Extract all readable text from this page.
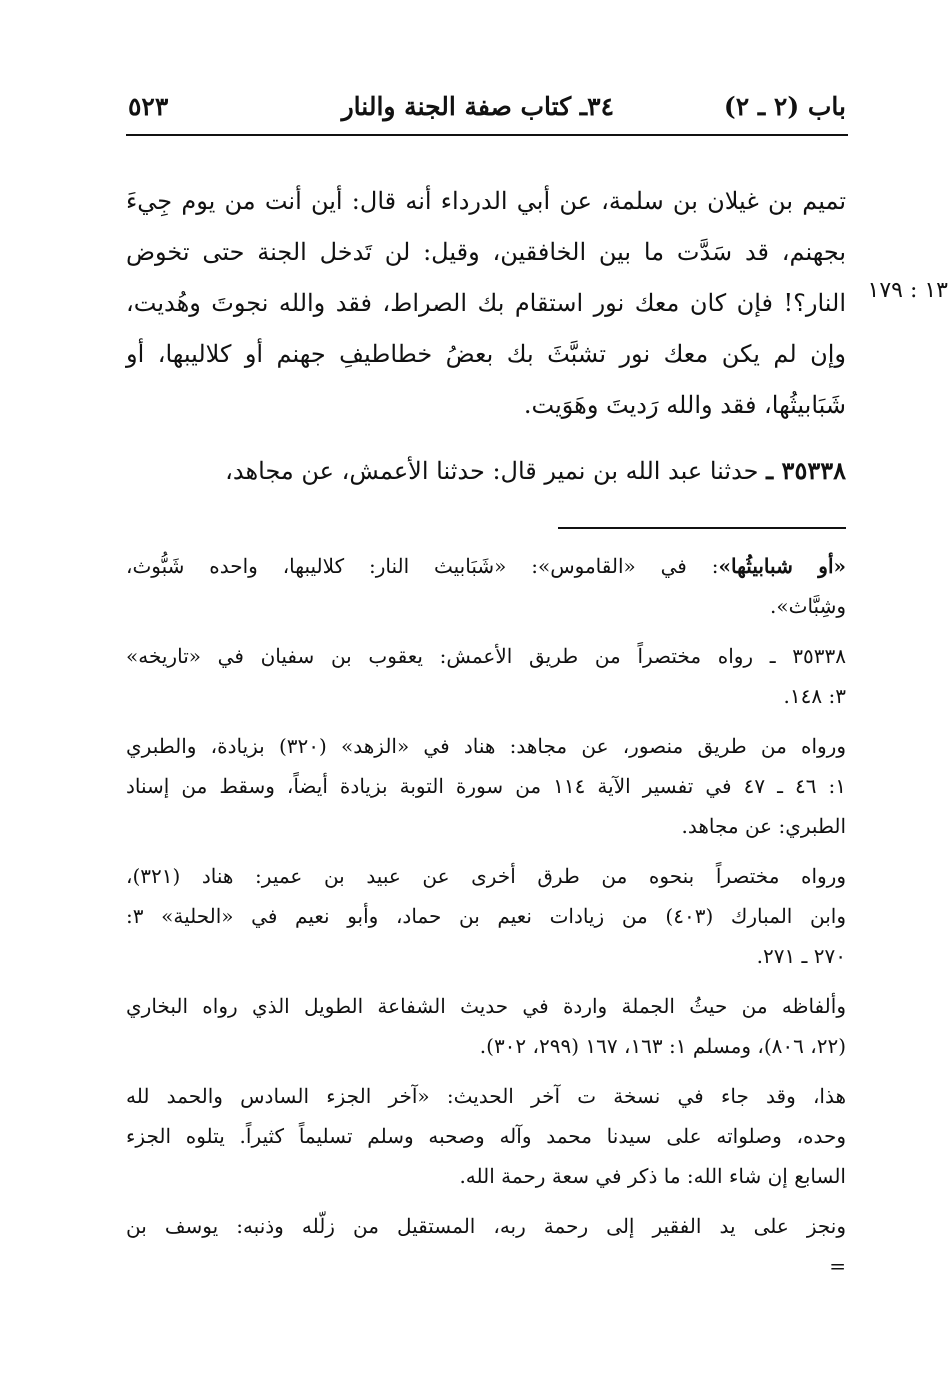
باب (٢ ـ ٢)
٣٤ـ كتاب صفة الجنة والنار
٥٢٣
١٣ : ١٧٩
تميم بن غيلان بن سلمة، عن أبي الدرداء أنه قال: أين أنت من يوم جِيءَ
بجهنم، قد سَدَّت ما بين الخافقين، وقيل: لن تَدخل الجنة حتى تخوض
النار؟! فإن كان معك نور استقام بك الصراط، فقد والله نجوتَ وهُديت،
وإن لم يكن معك نور تشبَّثَ بك بعضُ خطاطيفِ جهنم أو كلاليبها، أو
شَبَابيثُها، فقد والله رَديتَ وهَوَيت.
٣٥٣٣٨ ـ حدثنا عبد الله بن نمير قال: حدثنا الأعمش، عن مجاهد،
«أو شبابيثُها»: في «القاموس»: «شَبَابيث النار: كلاليبها، واحده شَبُّوث،
وشِبَّاث».
٣٥٣٣٨ ـ رواه مختصراً من طريق الأعمش: يعقوب بن سفيان في «تاريخه»
٣: ١٤٨.
ورواه من طريق منصور، عن مجاهد: هناد في «الزهد» (٣٢٠) بزيادة، والطبري
١: ٤٦ ـ ٤٧ في تفسير الآية ١١٤ من سورة التوبة بزيادة أيضاً، وسقط من إسناد
الطبري: عن مجاهد.
ورواه مختصراً بنحوه من طرق أخرى عن عبيد بن عمير: هناد (٣٢١)،
وابن المبارك (٤٠٣) من زيادات نعيم بن حماد، وأبو نعيم في «الحلية» ٣:
٢٧٠ ـ ٢٧١.
وألفاظه من حيثُ الجملة واردة في حديث الشفاعة الطويل الذي رواه البخاري
(٢٢، ٨٠٦)، ومسلم ١: ١٦٣، ١٦٧ (٢٩٩، ٣٠٢).
هذا، وقد جاء في نسخة ت آخر الحديث: «آخر الجزء السادس والحمد لله
وحده، وصلواته على سيدنا محمد وآله وصحبه وسلم تسليماً كثيراً. يتلوه الجزء
السابع إن شاء الله: ما ذكر في سعة رحمة الله.
ونجز على يد الفقير إلى رحمة ربه، المستقيل من زلّله وذنبه: يوسف بن
=
